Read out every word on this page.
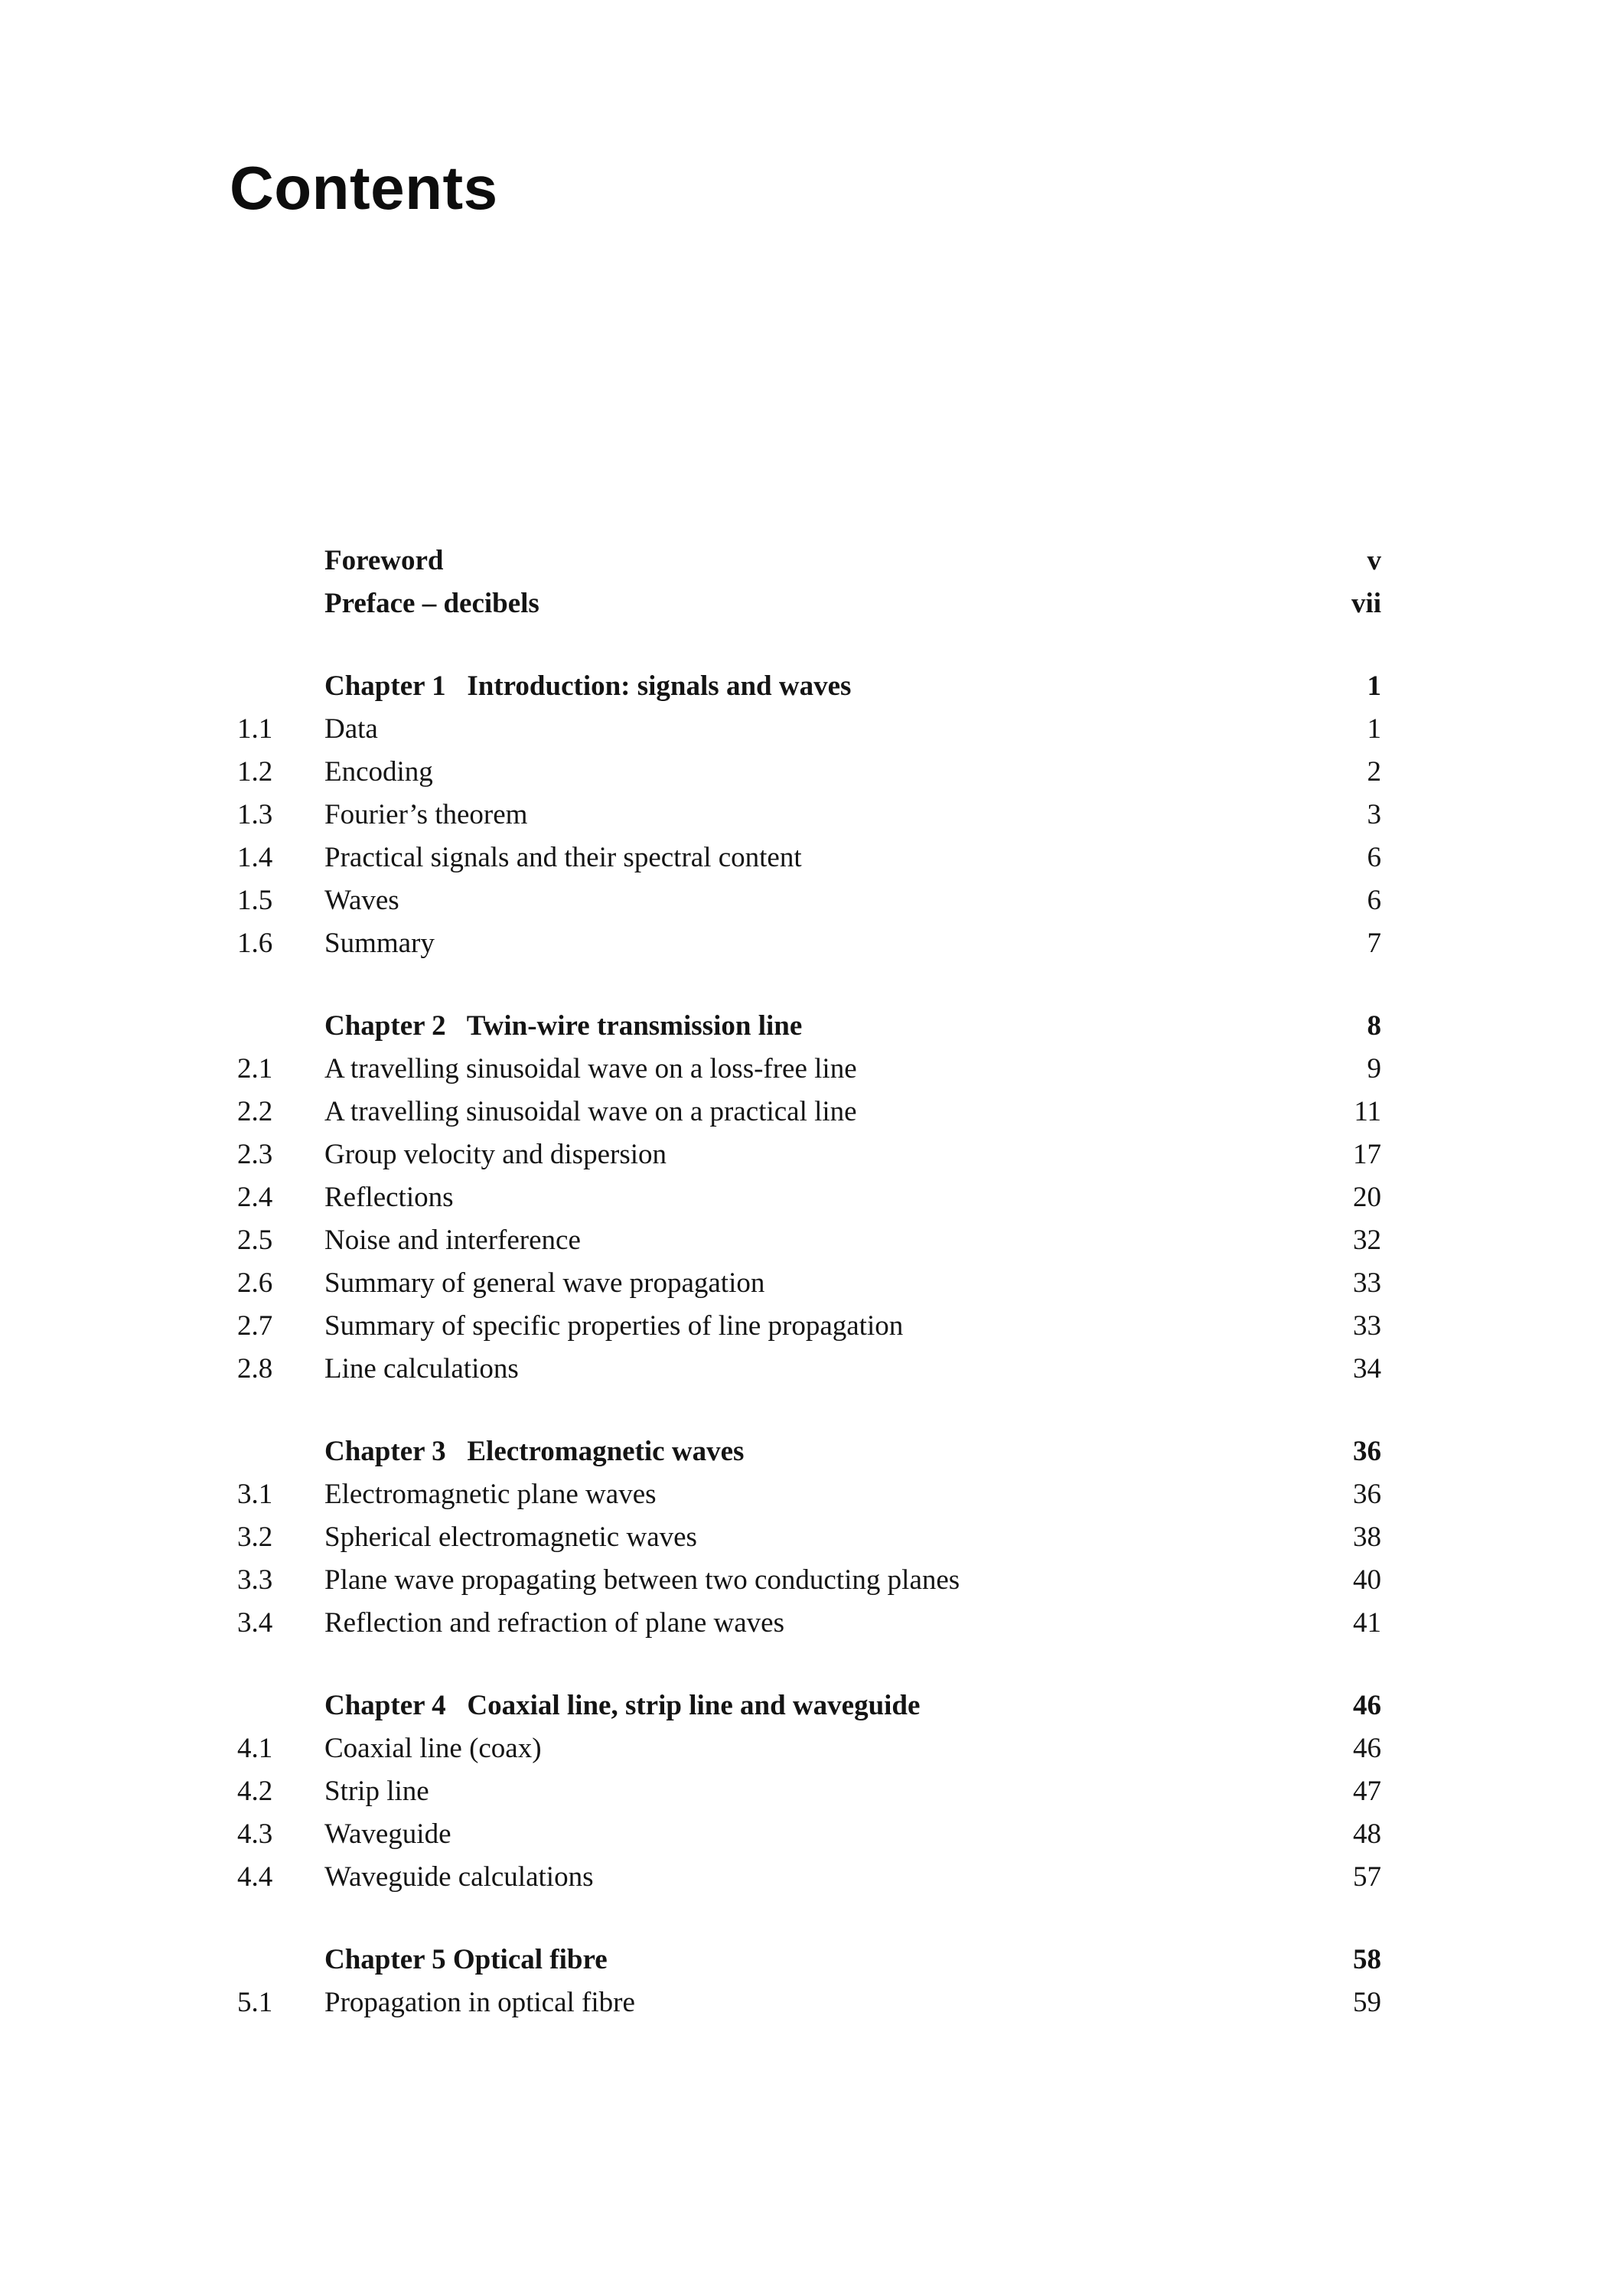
Contents
Foreword	v
Preface – decibels	vii
Chapter 1   Introduction: signals and waves	1
1.1	Data	1
1.2	Encoding	2
1.3	Fourier’s theorem	3
1.4	Practical signals and their spectral content	6
1.5	Waves	6
1.6	Summary	7
Chapter 2   Twin-wire transmission line	8
2.1	A travelling sinusoidal wave on a loss-free line	9
2.2	A travelling sinusoidal wave on a practical line	11
2.3	Group velocity and dispersion	17
2.4	Reflections	20
2.5	Noise and interference	32
2.6	Summary of general wave propagation	33
2.7	Summary of specific properties of line propagation	33
2.8	Line calculations	34
Chapter 3   Electromagnetic waves	36
3.1	Electromagnetic plane waves	36
3.2	Spherical electromagnetic waves	38
3.3	Plane wave propagating between two conducting planes	40
3.4	Reflection and refraction of plane waves	41
Chapter 4   Coaxial line, strip line and waveguide	46
4.1	Coaxial line (coax)	46
4.2	Strip line	47
4.3	Waveguide	48
4.4	Waveguide calculations	57
Chapter 5 Optical fibre	58
5.1	Propagation in optical fibre	59
